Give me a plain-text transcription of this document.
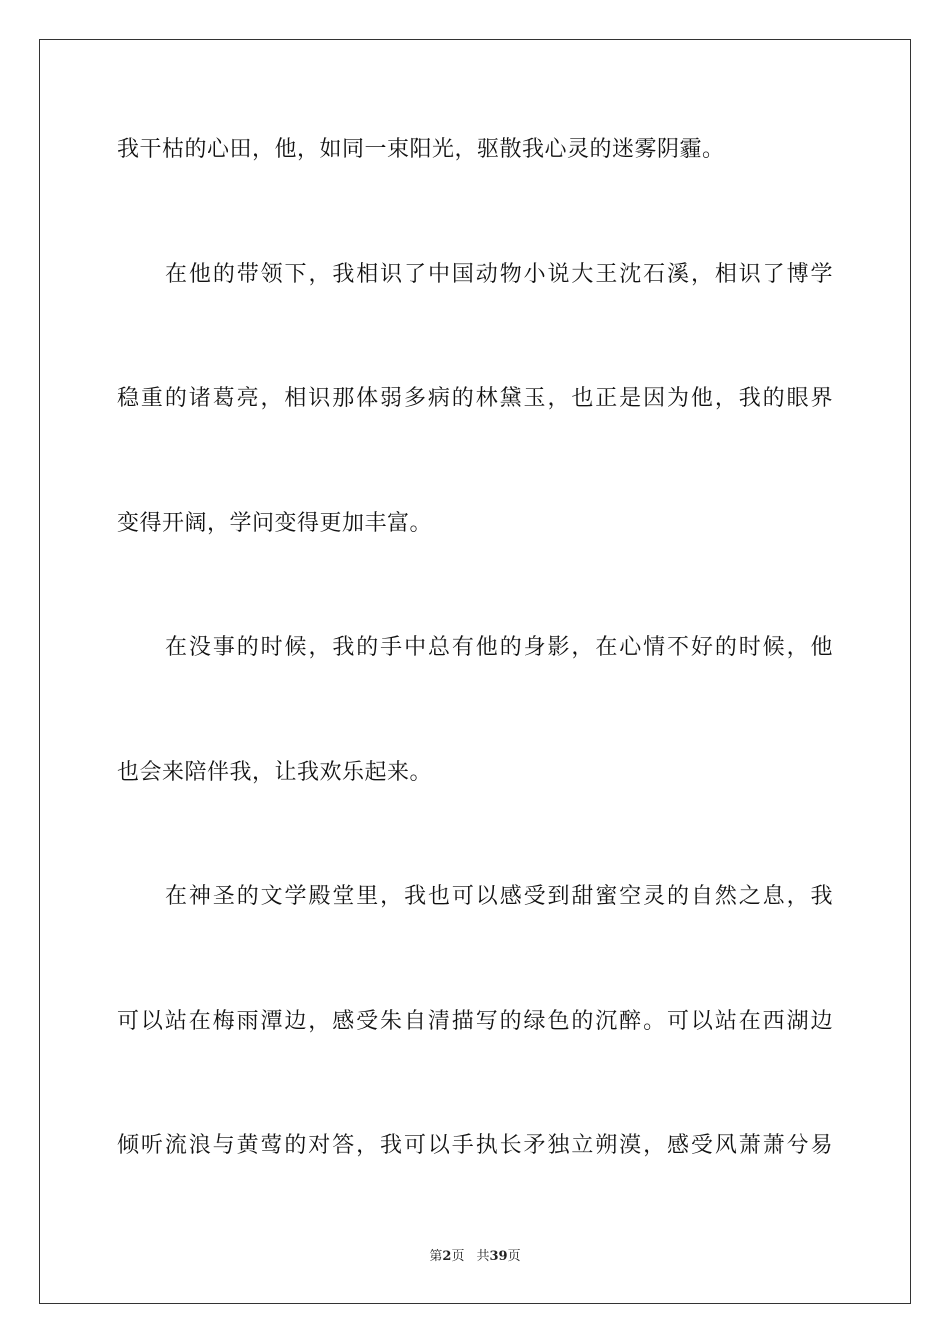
我干枯的心田，他，如同一束阳光，驱散我心灵的迷雾阴霾。
在他的带领下，我相识了中国动物小说大王沈石溪，相识了博学
稳重的诸葛亮，相识那体弱多病的林黛玉，也正是因为他，我的眼界
变得开阔，学问变得更加丰富。
在没事的时候，我的手中总有他的身影，在心情不好的时候，他
也会来陪伴我，让我欢乐起来。
在神圣的文学殿堂里，我也可以感受到甜蜜空灵的自然之息，我
可以站在梅雨潭边，感受朱自清描写的绿色的沉醉。可以站在西湖边
倾听流浪与黄莺的对答，我可以手执长矛独立朔漠，感受风萧萧兮易
第2页 共39页
